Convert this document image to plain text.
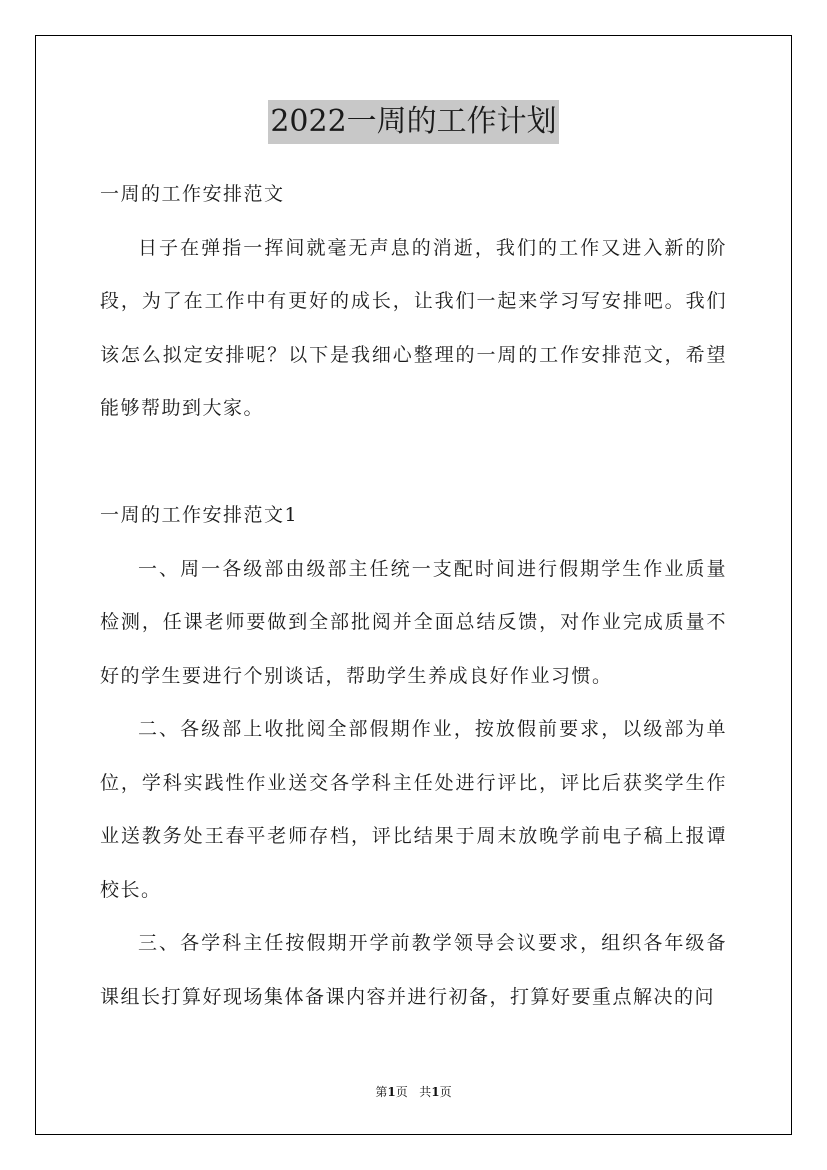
2022一周的工作计划

一周的工作安排范文

日子在弹指一挥间就毫无声息的消逝，我们的工作又进入新的阶段，为了在工作中有更好的成长，让我们一起来学习写安排吧。我们该怎么拟定安排呢？以下是我细心整理的一周的工作安排范文，希望能够帮助到大家。

一周的工作安排范文1

一、周一各级部由级部主任统一支配时间进行假期学生作业质量检测，任课老师要做到全部批阅并全面总结反馈，对作业完成质量不好的学生要进行个别谈话，帮助学生养成良好作业习惯。

二、各级部上收批阅全部假期作业，按放假前要求，以级部为单位，学科实践性作业送交各学科主任处进行评比，评比后获奖学生作业送教务处王春平老师存档，评比结果于周末放晚学前电子稿上报谭校长。

三、各学科主任按假期开学前教学领导会议要求，组织各年级备课组长打算好现场集体备课内容并进行初备，打算好要重点解决的问

第1页 共1页
